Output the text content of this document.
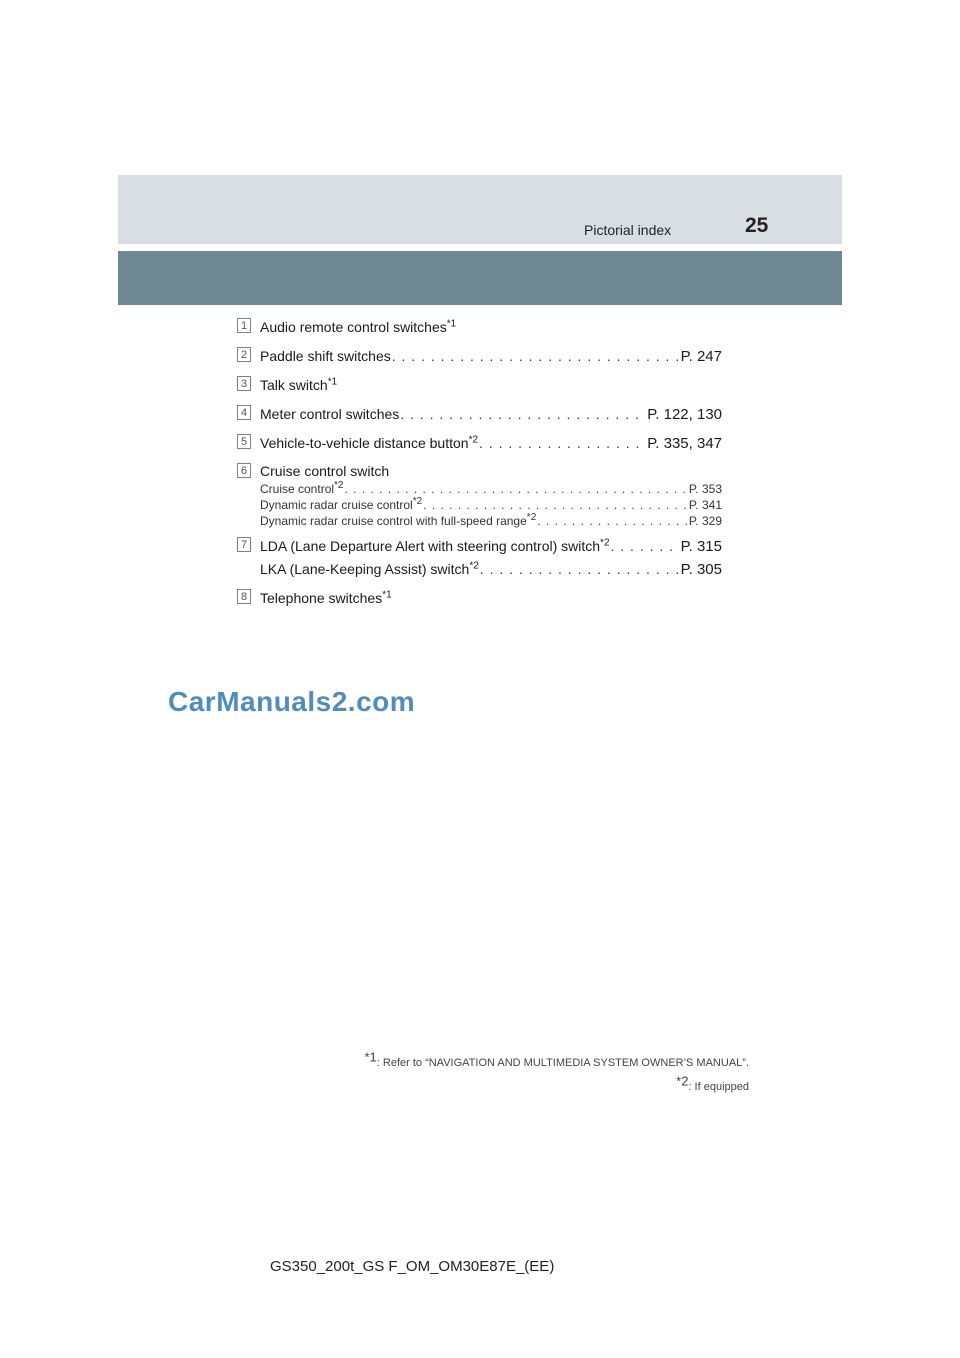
Pictorial index	25
1 Audio remote control switches$^{*1}$
2 Paddle shift switches . . .	P. 247
3 Talk switch$^{*1}$
4 Meter control switches . . .	P. 122, 130
5 Vehicle-to-vehicle distance button$^{*2}$ . . .	P. 335, 347
6 Cruise control switch
Cruise control$^{*2}$ . . .	P. 353
Dynamic radar cruise control$^{*2}$ . . .	P. 341
Dynamic radar cruise control with full-speed range$^{*2}$ . . .	P. 329
7 LDA (Lane Departure Alert with steering control) switch$^{*2}$ . . .	P. 315
LKA (Lane-Keeping Assist) switch$^{*2}$ . . .	P. 305
8 Telephone switches$^{*1}$
CarManuals2.com
*1: Refer to “NAVIGATION AND MULTIMEDIA SYSTEM OWNER’S MANUAL”.
*2: If equipped
GS350_200t_GS F_OM_OM30E87E_(EE)
